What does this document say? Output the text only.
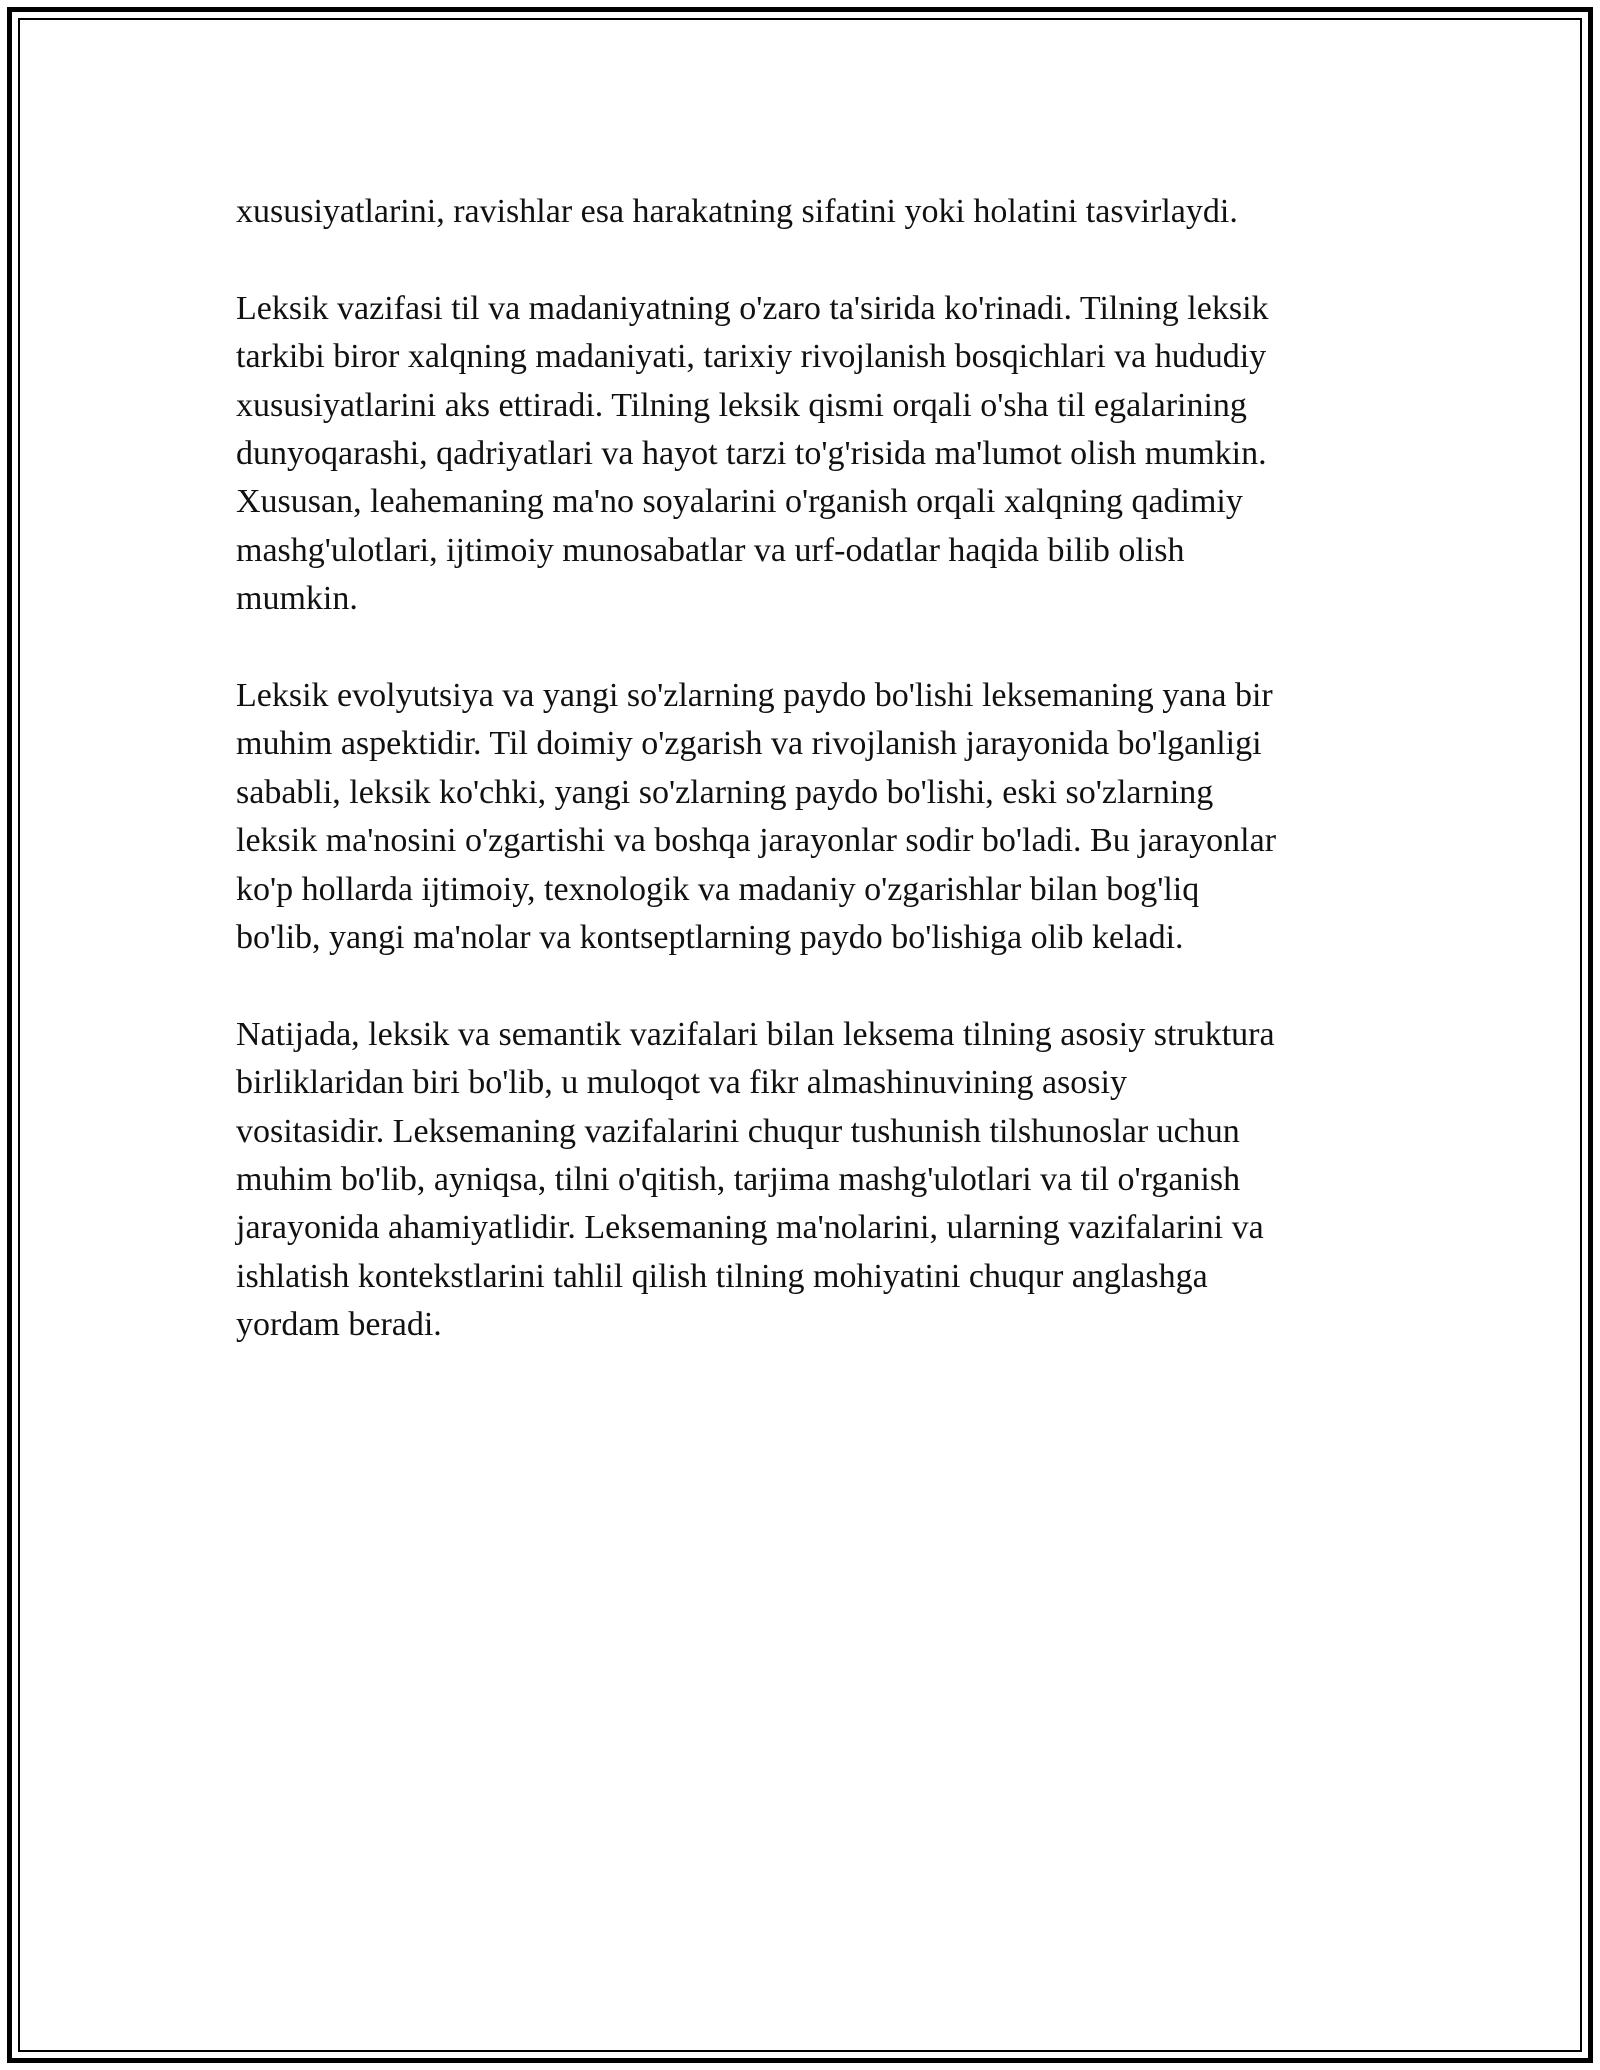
xususiyatlarini, ravishlar esa harakatning sifatini yoki holatini tasvirlaydi.

Leksik vazifasi til va madaniyatning o'zaro ta'sirida ko'rinadi. Tilning leksik
tarkibi biror xalqning madaniyati, tarixiy rivojlanish bosqichlari va hududiy
xususiyatlarini aks ettiradi. Tilning leksik qismi orqali o'sha til egalarining
dunyoqarashi, qadriyatlari va hayot tarzi to'g'risida ma'lumot olish mumkin.
Xususan, leahemaning ma'no soyalarini o'rganish orqali xalqning qadimiy
mashg'ulotlari, ijtimoiy munosabatlar va urf-odatlar haqida bilib olish
mumkin.

Leksik evolyutsiya va yangi so'zlarning paydo bo'lishi leksemaning yana bir
muhim aspektidir. Til doimiy o'zgarish va rivojlanish jarayonida bo'lganligi
sababli, leksik ko'chki, yangi so'zlarning paydo bo'lishi, eski so'zlarning
leksik ma'nosini o'zgartishi va boshqa jarayonlar sodir bo'ladi. Bu jarayonlar
ko'p hollarda ijtimoiy, texnologik va madaniy o'zgarishlar bilan bog'liq
bo'lib, yangi ma'nolar va kontseptlarning paydo bo'lishiga olib keladi.

Natijada, leksik va semantik vazifalari bilan leksema tilning asosiy struktura
birliklaridan biri bo'lib, u muloqot va fikr almashinuvining asosiy
vositasidir. Leksemaning vazifalarini chuqur tushunish tilshunoslar uchun
muhim bo'lib, ayniqsa, tilni o'qitish, tarjima mashg'ulotlari va til o'rganish
jarayonida ahamiyatlidir. Leksemaning ma'nolarini, ularning vazifalarini va
ishlatish kontekstlarini tahlil qilish tilning mohiyatini chuqur anglashga
yordam beradi.
